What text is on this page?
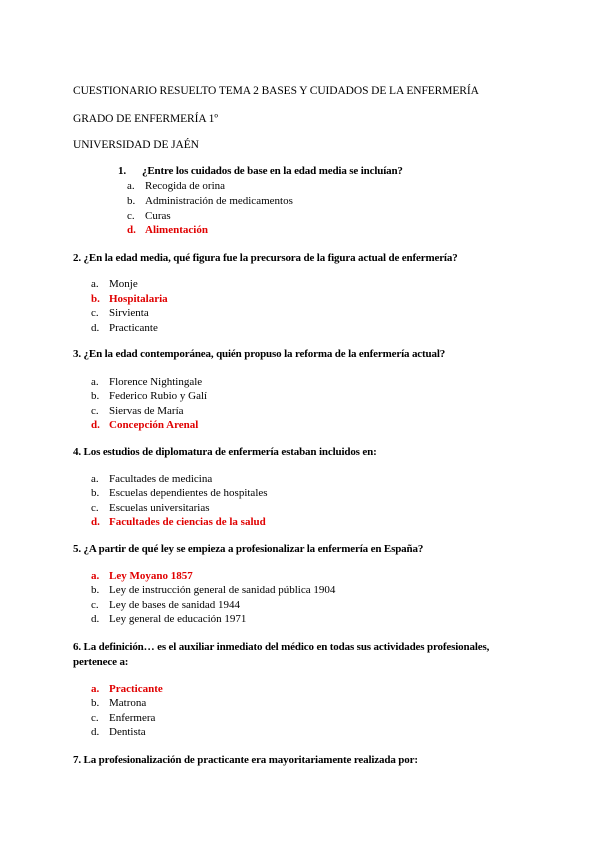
CUESTIONARIO RESUELTO TEMA 2 BASES Y CUIDADOS DE LA ENFERMERÍA
GRADO DE ENFERMERÍA 1º
UNIVERSIDAD DE JAÉN
1. ¿Entre los cuidados de base en la edad media se incluían?
a. Recogida de orina
b. Administración de medicamentos
c. Curas
d. Alimentación
2. ¿En la edad media, qué figura fue la precursora de la figura actual de enfermería?
a. Monje
b. Hospitalaria
c. Sirvienta
d. Practicante
3. ¿En la edad contemporánea, quién propuso la reforma de la enfermería actual?
a. Florence Nightingale
b. Federico Rubio y Galí
c. Siervas de María
d. Concepción Arenal
4. Los estudios de diplomatura de enfermería estaban incluidos en:
a. Facultades de medicina
b. Escuelas dependientes de hospitales
c. Escuelas universitarias
d. Facultades de ciencias de la salud
5. ¿A partir de qué ley se empieza a profesionalizar la enfermería en España?
a. Ley Moyano 1857
b. Ley de instrucción general de sanidad pública 1904
c. Ley de bases de sanidad 1944
d. Ley general de educación 1971
6. La definición… es el auxiliar inmediato del médico en todas sus actividades profesionales,
pertenece a:
a. Practicante
b. Matrona
c. Enfermera
d. Dentista
7. La profesionalización de practicante era mayoritariamente realizada por:
